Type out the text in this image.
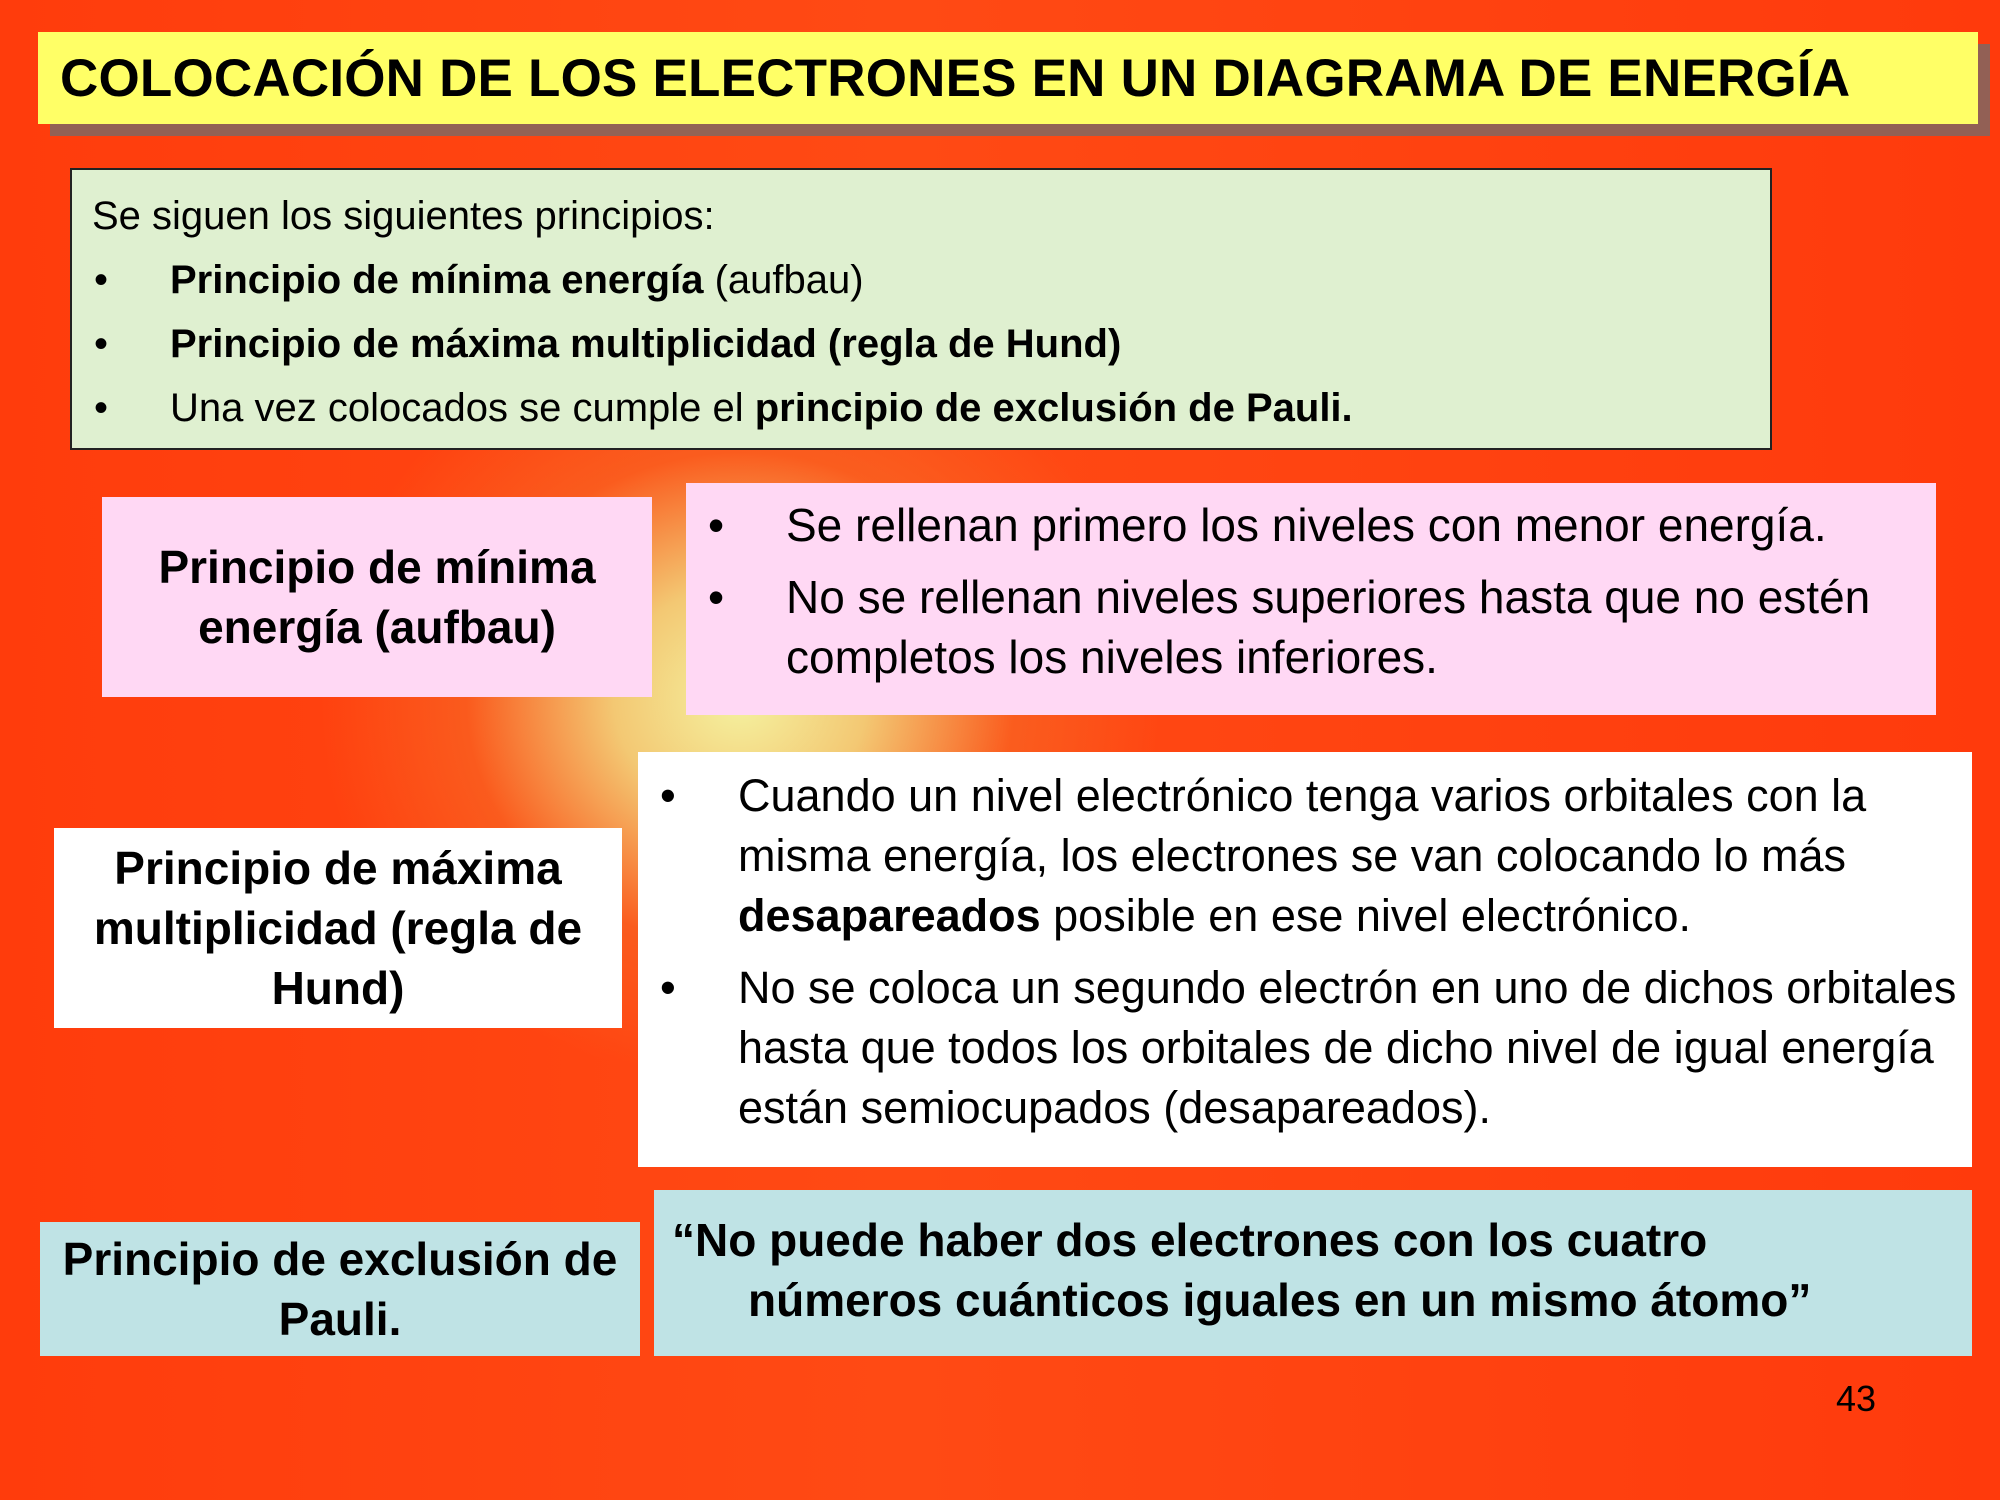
COLOCACIÓN DE LOS ELECTRONES EN UN DIAGRAMA DE ENERGÍA
Se siguen los siguientes principios:
•	Principio de mínima energía (aufbau)
•	Principio de máxima multiplicidad (regla de Hund)
•	Una vez colocados se cumple el principio de exclusión de Pauli.
Principio de mínima energía (aufbau)
•	Se rellenan primero los niveles con menor energía.
•	No se rellenan niveles superiores hasta que no estén completos los niveles inferiores.
Principio de máxima multiplicidad (regla de Hund)
•	Cuando un nivel electrónico tenga varios orbitales con la misma energía, los electrones se van colocando lo más desapareados posible en ese nivel electrónico.
•	No se coloca un segundo electrón en uno de dichos orbitales hasta que todos los orbitales de dicho nivel de igual energía están semiocupados (desapareados).
Principio de exclusión de Pauli.
“No puede haber dos electrones con los cuatro
números cuánticos iguales en un mismo átomo”
43
